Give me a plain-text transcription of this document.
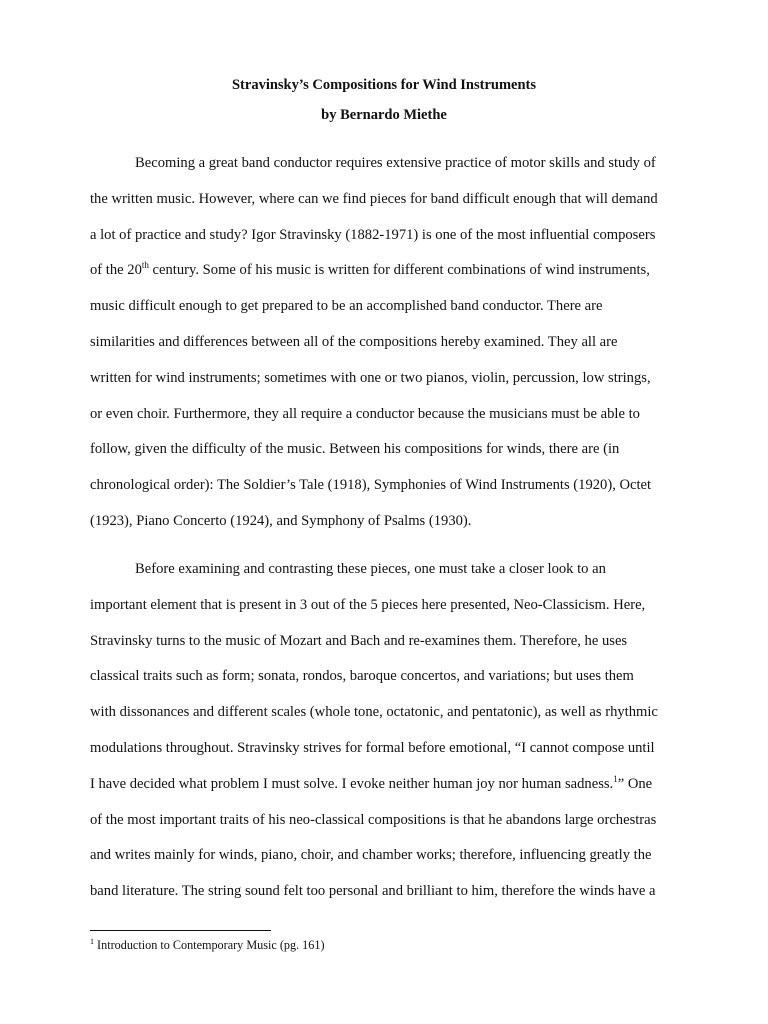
Stravinsky’s Compositions for Wind Instruments
by Bernardo Miethe
Becoming a great band conductor requires extensive practice of motor skills and study of
the written music. However, where can we find pieces for band difficult enough that will demand
a lot of practice and study? Igor Stravinsky (1882-1971) is one of the most influential composers
of the 20th century. Some of his music is written for different combinations of wind instruments,
music difficult enough to get prepared to be an accomplished band conductor. There are
similarities and differences between all of the compositions hereby examined. They all are
written for wind instruments; sometimes with one or two pianos, violin, percussion, low strings,
or even choir. Furthermore, they all require a conductor because the musicians must be able to
follow, given the difficulty of the music. Between his compositions for winds, there are (in
chronological order): The Soldier’s Tale (1918), Symphonies of Wind Instruments (1920), Octet
(1923), Piano Concerto (1924), and Symphony of Psalms (1930).
Before examining and contrasting these pieces, one must take a closer look to an
important element that is present in 3 out of the 5 pieces here presented, Neo-Classicism. Here,
Stravinsky turns to the music of Mozart and Bach and re-examines them. Therefore, he uses
classical traits such as form; sonata, rondos, baroque concertos, and variations; but uses them
with dissonances and different scales (whole tone, octatonic, and pentatonic), as well as rhythmic
modulations throughout. Stravinsky strives for formal before emotional, “I cannot compose until
I have decided what problem I must solve. I evoke neither human joy nor human sadness.$^1$” One
of the most important traits of his neo-classical compositions is that he abandons large orchestras
and writes mainly for winds, piano, choir, and chamber works; therefore, influencing greatly the
band literature. The string sound felt too personal and brilliant to him, therefore the winds have a
$^1$ Introduction to Contemporary Music (pg. 161)
